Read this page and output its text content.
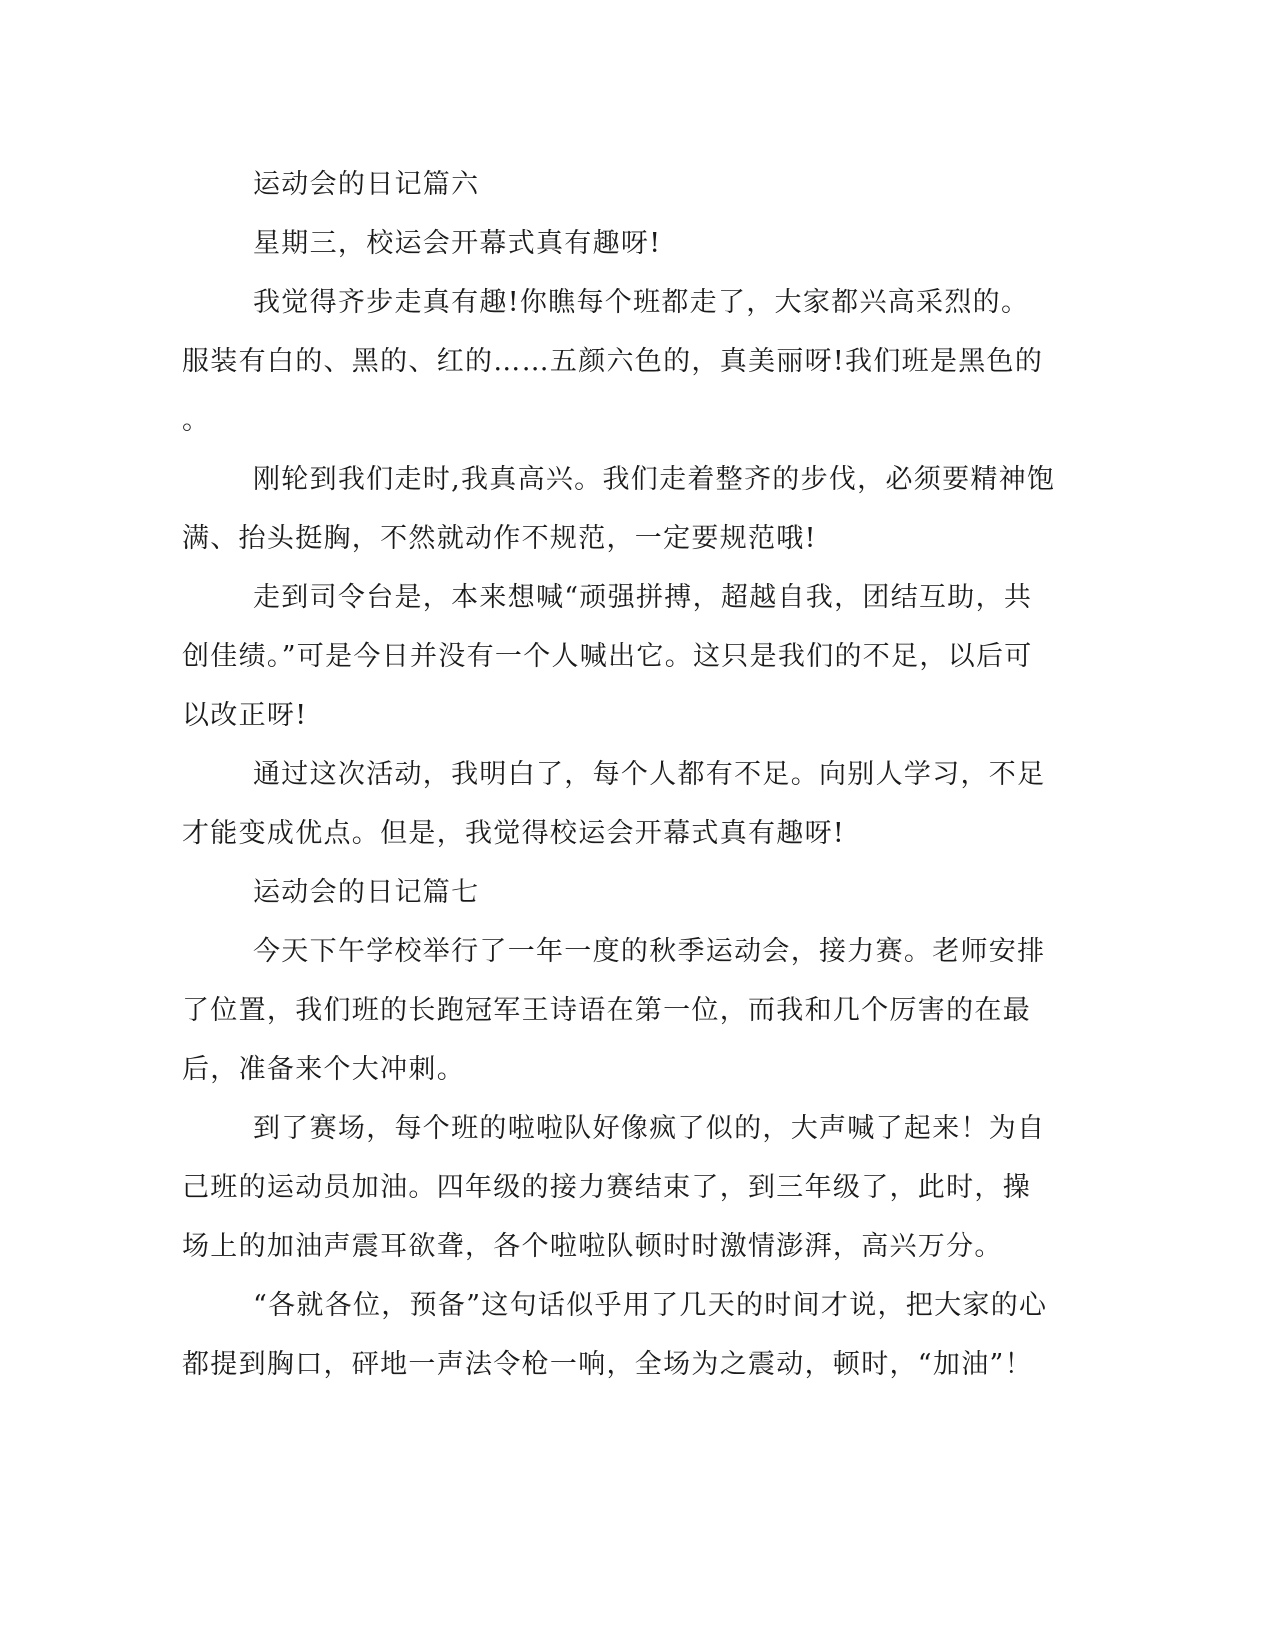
运动会的日记篇六
星期三，校运会开幕式真有趣呀!
我觉得齐步走真有趣!你瞧每个班都走了，大家都兴高采烈的。
服装有白的、黑的、红的……五颜六色的，真美丽呀!我们班是黑色的
。
刚轮到我们走时,我真高兴。我们走着整齐的步伐，必须要精神饱
满、抬头挺胸，不然就动作不规范，一定要规范哦!
走到司令台是，本来想喊“顽强拼搏，超越自我，团结互助，共
创佳绩。”可是今日并没有一个人喊出它。这只是我们的不足，以后可
以改正呀!
通过这次活动，我明白了，每个人都有不足。向别人学习，不足
才能变成优点。但是，我觉得校运会开幕式真有趣呀!
运动会的日记篇七
今天下午学校举行了一年一度的秋季运动会，接力赛。老师安排
了位置，我们班的长跑冠军王诗语在第一位，而我和几个厉害的在最
后，准备来个大冲刺。
到了赛场，每个班的啦啦队好像疯了似的，大声喊了起来！为自
己班的运动员加油。四年级的接力赛结束了，到三年级了，此时，操
场上的加油声震耳欲聋，各个啦啦队顿时时激情澎湃，高兴万分。
“各就各位，预备”这句话似乎用了几天的时间才说，把大家的心
都提到胸口，砰地一声法令枪一响，全场为之震动，顿时，“加油”！
